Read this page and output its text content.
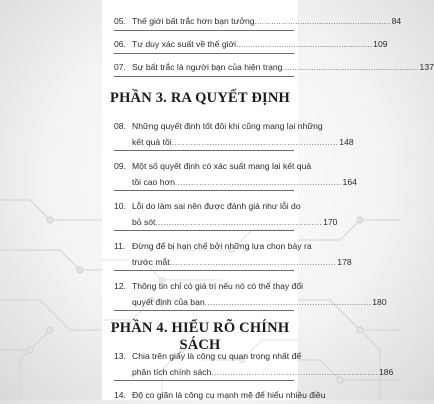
05. Thế giới bất trắc hơn bạn tưởng......................................................... 84
06. Tư duy xác suất về thế giới......................................................... 109
07. Sự bất trắc là người bạn của hiện trạng......................................................... 137
PHẦN 3. RA QUYẾT ĐỊNH
08. Những quyết định tốt đôi khi cũng mang lại những
kết quả tồi .............................................................. 148
09. Một số quyết định có xác suất mang lại kết quả
tồi cao hơn .............................................................. 164
10. Lỗi do làm sai nên được đánh giá như lỗi do
bỏ sót .............................................................. 170
11. Đừng để bị hạn chế bởi những lựa chọn bày ra
trước mắt .............................................................. 178
12. Thông tin chỉ có giá trị nếu nó có thể thay đổi
quyết định của bạn .............................................................. 180
PHẦN 4. HIỂU RÕ CHÍNH SÁCH
13. Chia trên giấy là công cụ quan trọng nhất để
phân tích chính sách .............................................................. 186
14. Độ co giãn là công cụ mạnh mẽ để hiểu nhiều điều
